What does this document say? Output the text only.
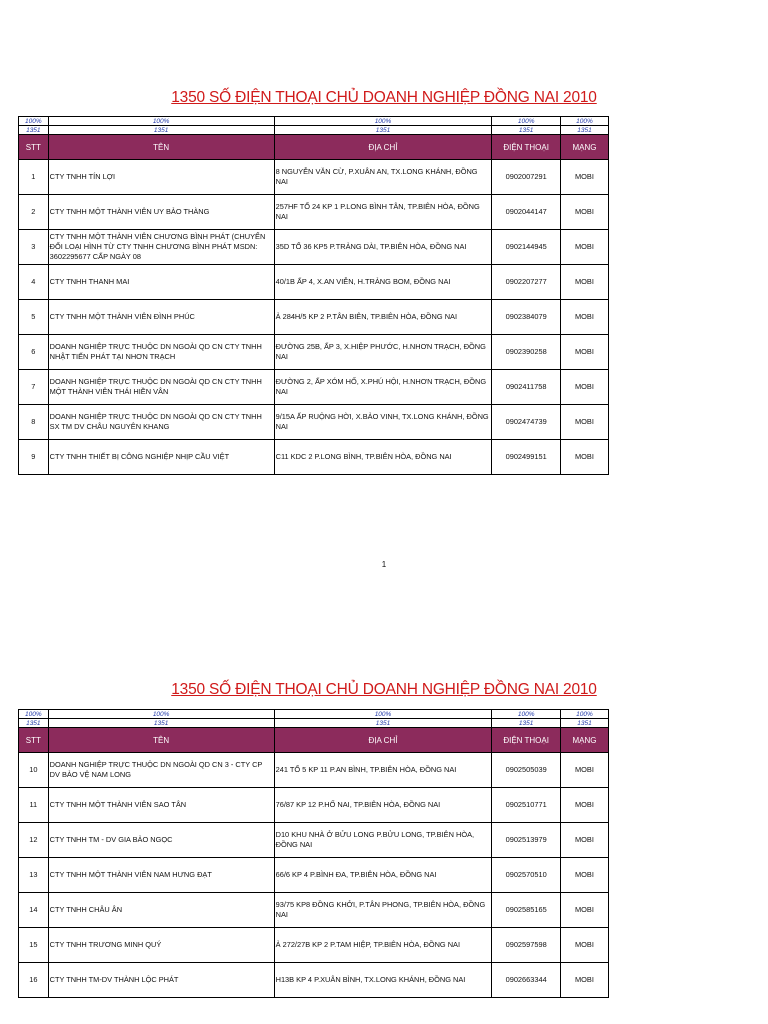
1350 SỐ ĐIỆN THOẠI CHỦ DOANH NGHIỆP ĐỒNG NAI 2010
100%	100%	100%	100%	100%
1351	1351	1351	1351	1351
STT	TÊN	ĐỊA CHỈ	ĐIỆN THOẠI	MẠNG
1	CTY TNHH TÍN LỢI	8 NGUYỄN VĂN CỪ, P.XUÂN AN, TX.LONG KHÁNH, ĐỒNG NAI	0902007291	MOBI
2	CTY TNHH MỘT THÀNH VIÊN UY BẢO THÀNG	257HF TỔ 24 KP 1 P.LONG BÌNH TÂN, TP.BIÊN HÒA, ĐỒNG NAI	0902044147	MOBI
3	CTY TNHH MỘT THÀNH VIÊN CHƯƠNG BÌNH PHÁT (CHUYỂN ĐỔI LOẠI HÌNH TỪ CTY TNHH CHƯƠNG BÌNH PHÁT MSDN: 3602295677 CẤP NGÀY 08	35D TỔ 36 KP5 P.TRẢNG DÀI, TP.BIÊN HÒA, ĐỒNG NAI	0902144945	MOBI
4	CTY TNHH THANH MAI	40/1B ẤP 4, X.AN VIỄN, H.TRẢNG BOM, ĐỒNG NAI	0902207277	MOBI
5	CTY TNHH MỘT THÀNH VIÊN ĐÌNH PHÚC	Ả 284H/5 KP 2 P.TÂN BIÊN, TP.BIÊN HÒA, ĐỒNG NAI	0902384079	MOBI
6	DOANH NGHIỆP TRỰC THUỘC DN NGOÀI QD CN CTY TNHH NHẬT TIẾN PHÁT TẠI NHƠN TRẠCH	ĐƯỜNG 25B, ẤP 3, X.HIỆP PHƯỚC, H.NHƠN TRẠCH, ĐỒNG NAI	0902390258	MOBI
7	DOANH NGHIỆP TRỰC THUỘC DN NGOÀI QD CN CTY TNHH MỘT THÀNH VIÊN THÁI HIỀN VÂN	ĐƯỜNG 2, ẤP XÓM HỐ, X.PHÚ HỘI, H.NHƠN TRẠCH, ĐỒNG NAI	0902411758	MOBI
8	DOANH NGHIỆP TRỰC THUỘC DN NGOÀI QD CN CTY TNHH SX TM DV CHÂU NGUYÊN KHANG	9/15A ẤP RUỘNG HỜI, X.BẢO VINH, TX.LONG KHÁNH, ĐỒNG NAI	0902474739	MOBI
9	CTY TNHH THIẾT BỊ CÔNG NGHIỆP NHỊP CẦU VIỆT	C11 KDC 2 P.LONG BÌNH, TP.BIÊN HÒA, ĐỒNG NAI	0902499151	MOBI
1
1350 SỐ ĐIỆN THOẠI CHỦ DOANH NGHIỆP ĐỒNG NAI 2010
100%	100%	100%	100%	100%
1351	1351	1351	1351	1351
STT	TÊN	ĐỊA CHỈ	ĐIỆN THOẠI	MẠNG
10	DOANH NGHIỆP TRỰC THUỘC DN NGOÀI QD CN 3 - CTY CP DV BẢO VỆ NAM LONG	241 TỔ 5 KP 11 P.AN BÌNH, TP.BIÊN HÒA, ĐỒNG NAI	0902505039	MOBI
11	CTY TNHH MỘT THÀNH VIÊN SAO TÂN	76/87 KP 12 P.HỐ NAI, TP.BIÊN HÒA, ĐỒNG NAI	0902510771	MOBI
12	CTY TNHH TM - DV GIA BẢO NGỌC	D10 KHU NHÀ Ở BỬU LONG P.BỬU LONG, TP.BIÊN HÒA, ĐỒNG NAI	0902513979	MOBI
13	CTY TNHH MỘT THÀNH VIÊN NAM HƯNG ĐẠT	66/6 KP 4 P.BÌNH ĐA, TP.BIÊN HÒA, ĐỒNG NAI	0902570510	MOBI
14	CTY TNHH CHÂU ÂN	93/75 KP8 ĐỒNG KHỞI, P.TÂN PHONG, TP.BIÊN HÒA, ĐỒNG NAI	0902585165	MOBI
15	CTY TNHH TRƯƠNG MINH QUÝ	Ả 272/27B KP 2 P.TAM HIỆP, TP.BIÊN HÒA, ĐỒNG NAI	0902597598	MOBI
16	CTY TNHH TM-DV THÀNH LỘC PHÁT	H13B KP 4 P.XUÂN BÌNH, TX.LONG KHÁNH, ĐỒNG NAI	0902663344	MOBI
